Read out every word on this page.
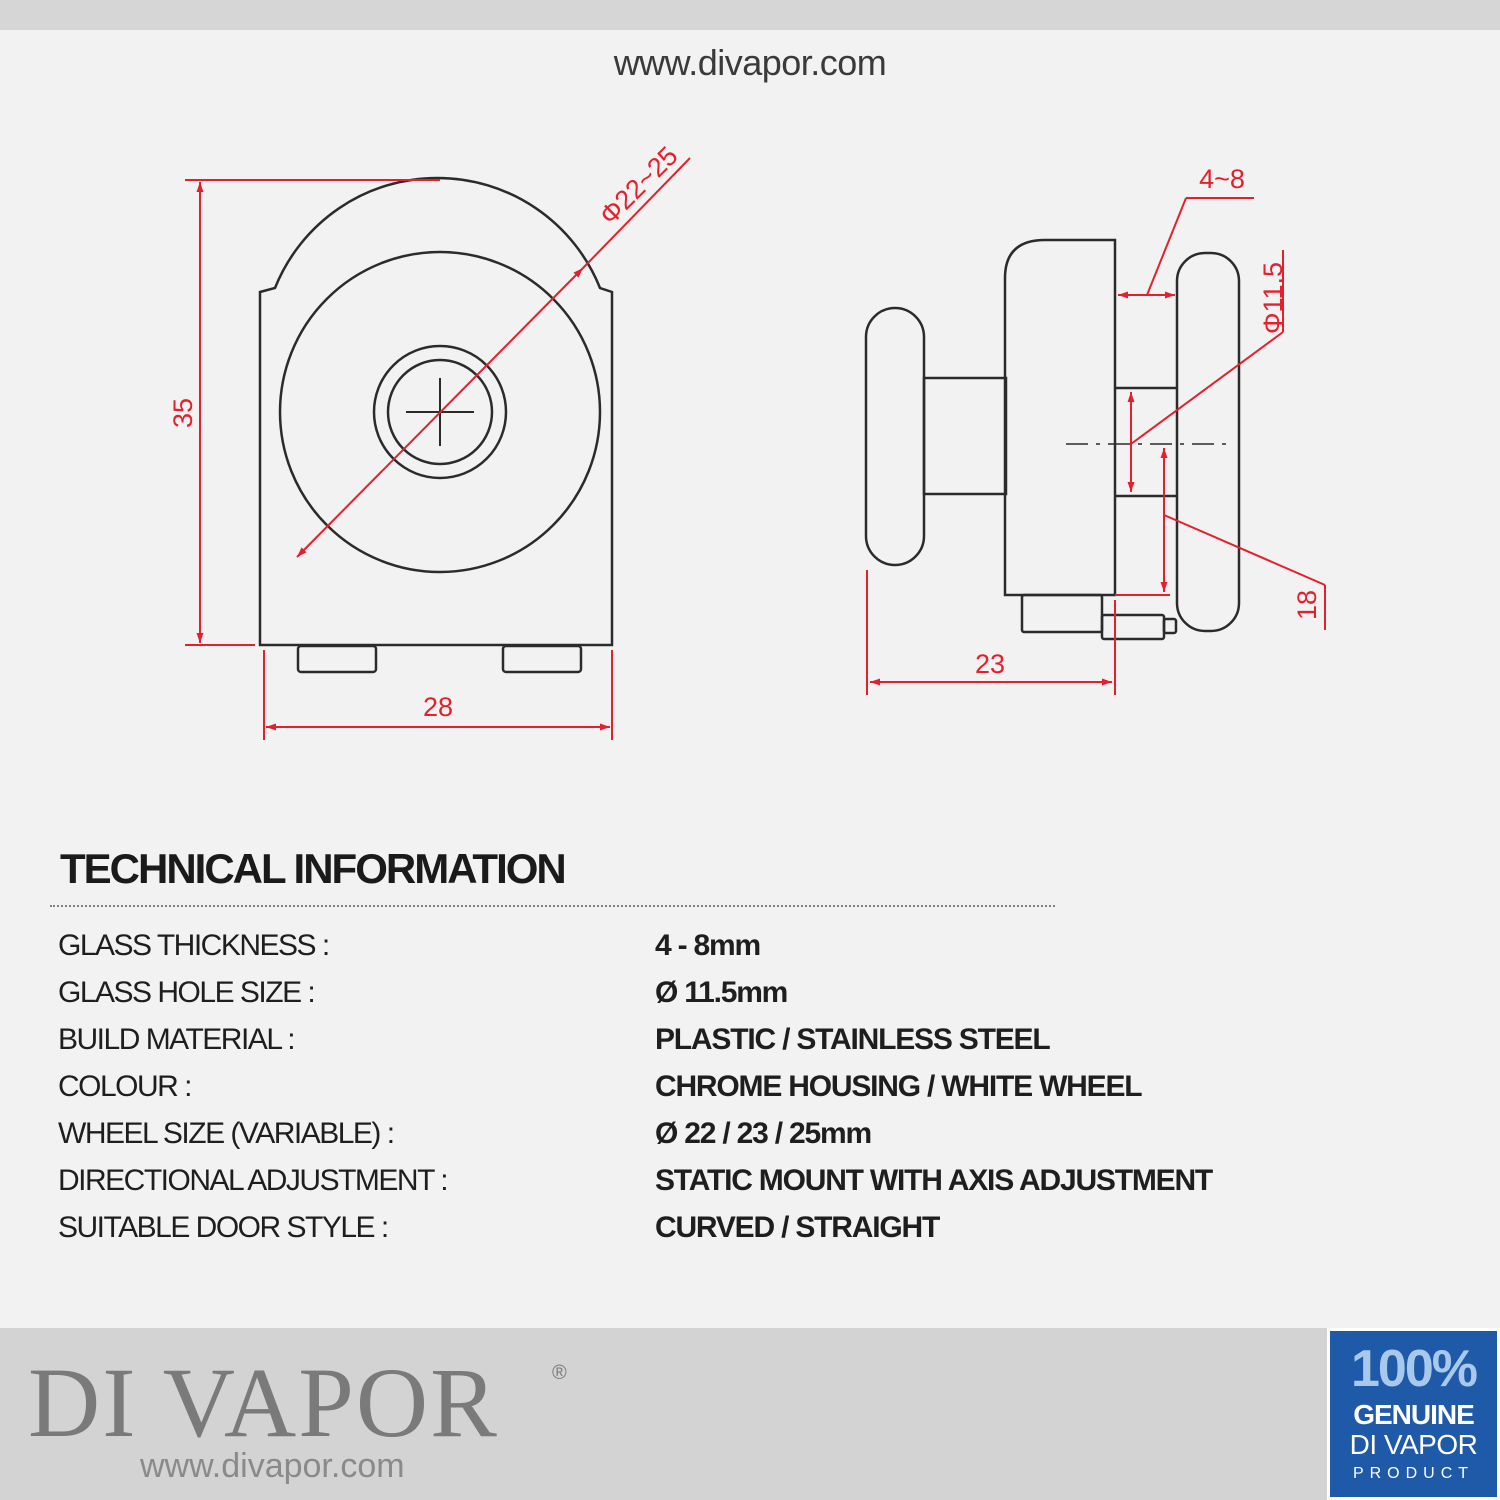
www.divapor.com
35
28
Φ22~25	4~8
Φ11.5
18
23
TECHNICAL INFORMATION
GLASS THICKNESS :	4 - 8mm
GLASS HOLE SIZE :	Ø 11.5mm
BUILD MATERIAL :	PLASTIC / STAINLESS STEEL
COLOUR :	CHROME HOUSING / WHITE WHEEL
WHEEL SIZE (VARIABLE) :	Ø 22 / 23 / 25mm
DIRECTIONAL ADJUSTMENT :	STATIC MOUNT WITH AXIS ADJUSTMENT
SUITABLE DOOR STYLE :	CURVED / STRAIGHT
DI VAPOR	®
www.divapor.com
100%
GENUINE
DI VAPOR
PRODUCT
